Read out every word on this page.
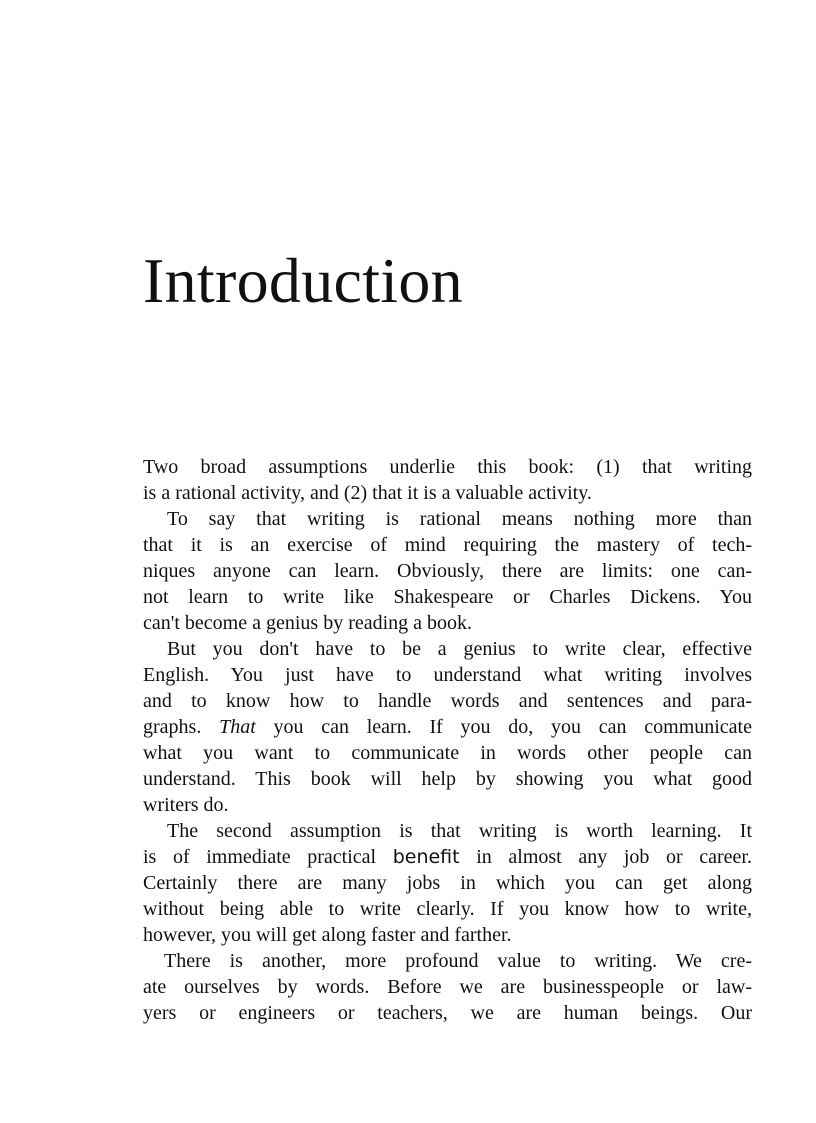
Introduction
Two broad assumptions underlie this book: (1) that writing
is a rational activity, and (2) that it is a valuable activity.
To say that writing is rational means nothing more than
that it is an exercise of mind requiring the mastery of tech-
niques anyone can learn. Obviously, there are limits: one can-
not learn to write like Shakespeare or Charles Dickens. You
can't become a genius by reading a book.
But you don't have to be a genius to write clear, effective
English. You just have to understand what writing involves
and to know how to handle words and sentences and para-
graphs. That you can learn. If you do, you can communicate
what you want to communicate in words other people can
understand. This book will help by showing you what good
writers do.
The second assumption is that writing is worth learning. It
is of immediate practical benefit in almost any job or career.
Certainly there are many jobs in which you can get along
without being able to write clearly. If you know how to write,
however, you will get along faster and farther.
There is another, more profound value to writing. We cre-
ate ourselves by words. Before we are businesspeople or law-
yers or engineers or teachers, we are human beings. Our
